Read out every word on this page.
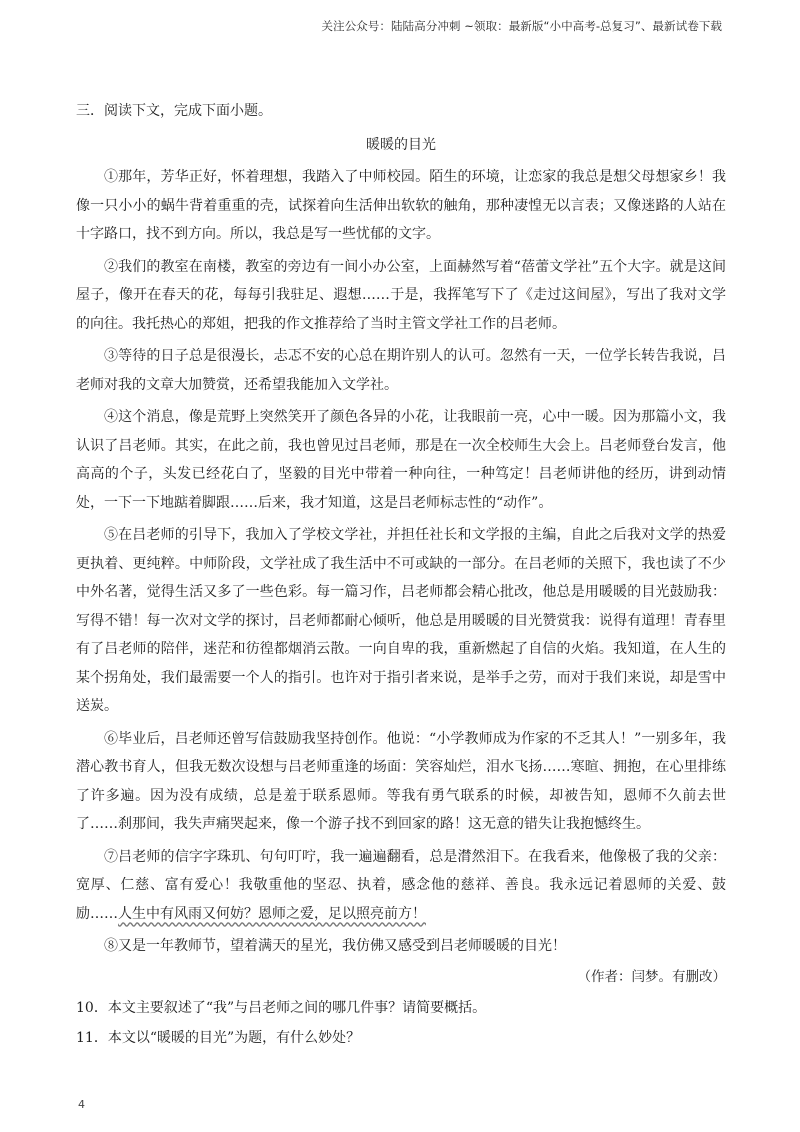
关注公众号：陆陆高分冲刺 ~领取：最新版“小中高考-总复习”、最新试卷下载

三．阅读下文，完成下面小题。

暖暖的目光

①那年，芳华正好，怀着理想，我踏入了中师校园。陌生的环境，让恋家的我总是想父母想家乡！我像一只小小的蜗牛背着重重的壳，试探着向生活伸出软软的触角，那种凄惶无以言表；又像迷路的人站在十字路口，找不到方向。所以，我总是写一些忧郁的文字。

②我们的教室在南楼，教室的旁边有一间小办公室，上面赫然写着“蓓蕾文学社”五个大字。就是这间屋子，像开在春天的花，每每引我驻足、遐想……于是，我挥笔写下了《走过这间屋》，写出了我对文学的向往。我托热心的郑姐，把我的作文推荐给了当时主管文学社工作的吕老师。

③等待的日子总是很漫长，忐忑不安的心总在期许别人的认可。忽然有一天，一位学长转告我说，吕老师对我的文章大加赞赏，还希望我能加入文学社。

④这个消息，像是荒野上突然笑开了颜色各异的小花，让我眼前一亮，心中一暖。因为那篇小文，我认识了吕老师。其实，在此之前，我也曾见过吕老师，那是在一次全校师生大会上。吕老师登台发言，他高高的个子，头发已经花白了，坚毅的目光中带着一种向往，一种笃定！吕老师讲他的经历，讲到动情处，一下一下地踮着脚跟……后来，我才知道，这是吕老师标志性的“动作”。

⑤在吕老师的引导下，我加入了学校文学社，并担任社长和文学报的主编，自此之后我对文学的热爱更执着、更纯粹。中师阶段，文学社成了我生活中不可或缺的一部分。在吕老师的关照下，我也读了不少中外名著，觉得生活又多了一些色彩。每一篇习作，吕老师都会精心批改，他总是用暖暖的目光鼓励我：写得不错！每一次对文学的探讨，吕老师都耐心倾听，他总是用暖暖的目光赞赏我：说得有道理！青春里有了吕老师的陪伴，迷茫和彷徨都烟消云散。一向自卑的我，重新燃起了自信的火焰。我知道，在人生的某个拐角处，我们最需要一个人的指引。也许对于指引者来说，是举手之劳，而对于我们来说，却是雪中送炭。

⑥毕业后，吕老师还曾写信鼓励我坚持创作。他说：“小学教师成为作家的不乏其人！”一别多年，我潜心教书育人，但我无数次设想与吕老师重逢的场面：笑容灿烂，泪水飞扬……寒暄、拥抱，在心里排练了许多遍。因为没有成绩，总是羞于联系恩师。等我有勇气联系的时候，却被告知，恩师不久前去世了……刹那间，我失声痛哭起来，像一个游子找不到回家的路！这无意的错失让我抱憾终生。

⑦吕老师的信字字珠玑、句句叮咛，我一遍遍翻看，总是潸然泪下。在我看来，他像极了我的父亲：宽厚、仁慈、富有爱心！我敬重他的坚忍、执着，感念他的慈祥、善良。我永远记着恩师的关爱、鼓励……人生中有风雨又何妨？恩师之爱，足以照亮前方！

⑧又是一年教师节，望着满天的星光，我仿佛又感受到吕老师暖暖的目光！

（作者：闫梦。有删改）

10．本文主要叙述了“我”与吕老师之间的哪几件事？请简要概括。

11．本文以“暖暖的目光”为题，有什么妙处？

4
